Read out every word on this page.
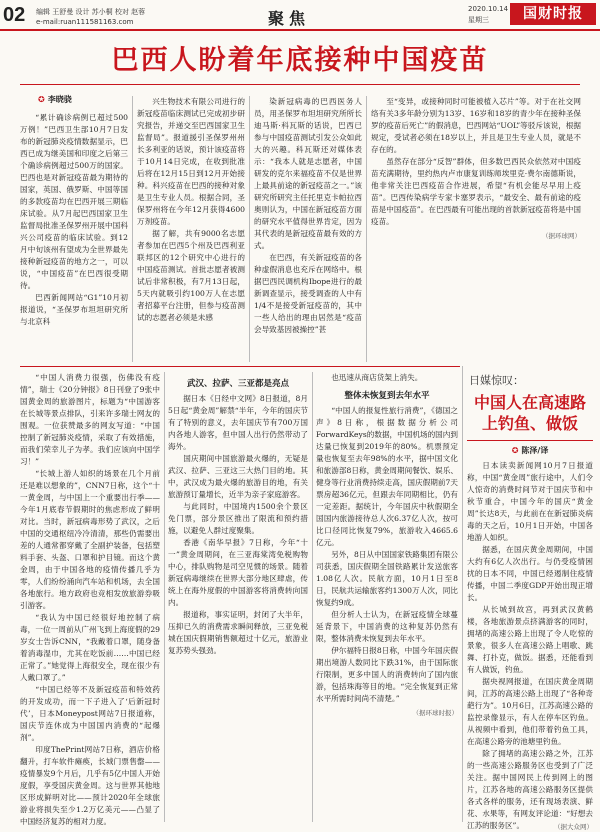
02 编辑 王舒曼 设计 苏小桐 校对 赵蓉
e-mail:ruan111581163.com	聚焦	2020.10.14
星期三	国财时报
巴西人盼着年底接种中国疫苗
✪ 李晓骁

“累计确诊病例已超过500万例！”巴西卫生部10月7日发布的新冠肺炎疫情数据显示，巴西已成为继美国和印度之后第三个确诊病例超过500万的国家。巴西也是对新冠疫苗最为期待的国家，英国、俄罗斯、中国等国的多款疫苗均在巴西开展三期临床试验。从7月起巴西国家卫生监督局批准圣保罗州开展中国科兴公司疫苗的临床试验。到12月中旬该州有望成为全世界最先接种新冠疫苗的地方之一，可以说，“中国疫苗”在巴西很受期待。

巴西新闻网站“G1”10月初报道说，“圣保罗布坦坦研究所与北京科

兴生物技术有限公司进行的新冠疫苗临床测试已完成初步研究报告，并递交至巴西国家卫生监督局”。报道援引圣保罗州州长多利亚的话说，预计该疫苗将于10月14日完成，在收到批准后将在12月15日到12月开始接种。科兴疫苗在巴西的接种对象是卫生专业人员。根据合同，圣保罗州将在今年12月获得4600万剂疫苗。

据了解，共有9000名志愿者参加在巴西5个州及巴西利亚联邦区的12个研究中心进行的中国疫苗测试。首批志愿者被测试后非常积极，有7月13日起，5天内就吸引约100万人在志愿者招募平台注册，但参与疫苗测试的志愿者必须是未感

染新冠病毒的巴西医务人员，用圣保罗布坦坦研究所所长迪马斯·科瓦斯的话说，巴西已参与中国疫苗测试引发公众如此大的兴趣。科瓦斯还对媒体表示：“我本人就是志愿者，中国研发的克尔来福疫苗不仅是世界上最具前途的新冠疫苗之一。”该研究所研究主任托里克卡帕拉西奥则认为，中国在新冠疫苗方面的研究水平值得世界肯定，因为其代表的是新冠疫苗最有效的方式。

在巴西，有关新冠疫苗的各种虚假消息也充斥在网络中。根据巴西民调机构Ibope进行的最新调查显示，接受调查的人中有1/4不是接受新冠疫苗的，其中一些人给出的理由居然是“疫苗会导致基因被操控”甚

至“变异，或接种同时可能被植入芯片”等。对于在社交网络有关3多年龄分别为13岁、16岁和18岁的青少年在接种圣保罗的疫苗后死亡”的假消息，巴西网站“UOL”等驳斥该说，根据规定，受试者必须在18岁以上，并且是卫生专业人员，就是不存在的。

虽然存在部分“反智”群体，但多数巴西民众依然对中国疫苗充满期待，里约热内卢市康复训练师埃里克·费尔南德斯说，他非常关注巴西疫苗合作进展，希望“有机会能尽早用上疫苗”。巴西传染病学专家卡塞罗表示，“最安全、最有前途的疫苗是中国疫苗”。在巴西最有可能出现的首款新冠疫苗将是中国疫苗。

（据环球网）

“中国人消费力很强，伤佛没有疫情”，瑞士《20分钟报》8日刊登了9张中国黄金周的旅游图片，标题为“中国游客在长城等景点排队，引来许多瑞士网友的围观。一位获赞最多的网友写道：“中国控制了新冠肺炎疫情，采取了有效措施，而我们荣幸儿子为孝。我们应该向中国学习！”

“长城上游人如织的场景在几个月前还是难以想象的”，CNN7日称，这个“十一黄金周，与中国上一个重要出行季——今年1月底春节假期时的焦虑形成了鲜明对比。当时，新冠病毒形势了武汉，之后中国的交通枢纽冷冷清清，那些仍需要出差的人通常都穿戴了全副护装备，包括塑料手套、头盔、口罩和护目镜。而这个黄金周，由于中国各地的疫情传播几乎为零，人们纷纷涌向汽车站和机场，去全国各地旅行。地方政府也竞相发放旅游券吸引游客。

“我认为中国已经很好地控制了病毒，一位一周前从广州飞到上海度假的29岁女士告诉CNN，“我戴着口罩，随身备着消毒湿巾，尤其在吃饭前……中国已经正常了。”她觉得上海很安全，现在很少有人戴口罩了。”

“中国已经等不及新冠疫苗和特效药的开发成功，而一下子进入了‘后新冠时代’，日本Moneypost网站7日报道称，国庆节连休成为中国国内消费的“起爆剂”。

印度ThePrint网站7日称，酒店价格翻升，打车软件瘫痪，长城门票售罄——疫情暴发9个月后，几乎有5亿中国人开始度假，享受国庆黄金周。这与世界其他地区形成鲜明对比——预计2020年全球旅游业将损失至少1.2万亿美元——凸显了中国经济复苏的相对力度。

武汉、拉萨、三亚都是亮点

据日本《日经中文网》8日报道，8月5日起“黄金周”解禁“半年，今年的国庆节有了特别的意义，去年国庆节有700万国内各地人游客，但中国人出行仍然带动了海外。

国庆期间中国旅游最火爆的，无疑是武汉、拉萨、三亚这三大热门目的地。其中，武汉成为最火爆的旅游目的地，有关旅游预订量增长，近半为亲子家庭游客。

与此同时，中国境内1500余个景区免门票，部分景区推出了限流和预约措施，以避免人群过度聚集。

香港《南华早报》7日称，今年“十一”黄金周期间，在三亚海棠湾免税购物中心，排队购物是司空见惯的场景。随着新冠病毒继续在世界大部分地区肆虐，传统上在海外度假的中国游客将消费转向国内。

报道称，事实证明，封闭了大半年，压抑已久的消费需求瞬间释放，三亚免税城在国庆假期销售额超过十亿元，旅游业复苏势头强劲。

也迅速从商店货架上消失。

整体未恢复到去年水平

“中国人的报复性旅行消费”，《德国之声》8日称，根据数据分析公司ForwardKeys的数据，中国机场的国内到达量已恢复到2019年的80%。机票预定量也恢复至去年98%的水平，据中国文化和旅游部8日称，黄金周期间餐饮、娱乐、健身等行业消费持续走高，国庆假期前7天票房超36亿元，但跟去年同期相比，仍有一定差距。据统计，今年国庆中秋假期全国国内旅游接待总人次6.37亿人次，按可比口径同比恢复79%，旅游收入4665.6亿元。

另外，8日从中国国家铁路集团有限公司获悉，国庆假期全国铁路累计发送旅客1.08亿人次。民航方面，10月1日至8日，民航共运输旅客约1300万人次，同比恢复约9成。

但分析人士认为，在新冠疫情全球蔓延背景下，中国消费的这种复苏仍然有限，整体消费未恢复到去年水平。

伊尔福特日报8日称，中国今年国庆假期出境游人数同比下跌31%，由于国际旅行限制，更多中国人的消费转向了国内旅游，包括珠海等目的地。“完全恢复到正常水平所需时间尚不清楚。”

（据环球时报）
日媒惊叹：
中国人在高速路上钓鱼、做饭
✪ 陈泽/译

日本读卖新闻网10月7日报道称，中国“黄金周”旅行途中，人们令人惊奇的消费时间节对于国庆节和中秋节重合，中国今年的国庆“黄金周”长达8天，与此前在在新冠肺炎病毒的天之后，10月1日开始，中国各地游人如织。

据悉，在国庆黄金周期间，中国大约有6亿人次出行。与仍受疫情困扰的日本不同，中国已经遏制住疫情传播，中国二季度GDP开始出现正增长。

从长城到故宫，再到武汉黄鹤楼，各地旅游景点挤满游客的同时，拥堵的高速公路上出现了令人吃惊的景象，很多人在高速公路上唱歌、跳舞、打扑克，做饭。据悉，还能看到有人做饭，钓鱼。

据央视网报道，在国庆黄金周期间，江苏的高速公路上出现了“各种奇葩行为”。10月6日，江苏高速公路的监控录像显示，有人在停车区钓鱼。从视频中看到，他们带着钓鱼工具，在高速公路旁的池塘里钓鱼。

除了拥堵的高速公路之外，江苏的一些高速公路服务区也受到了广泛关注。据中国网民上传到网上的图片，江苏各地的高速公路服务区提供各式各样的服务，还有现场表演、鲜花、水果等，有网友评论道：“好想去江苏的服务区”。	（据大众网）
